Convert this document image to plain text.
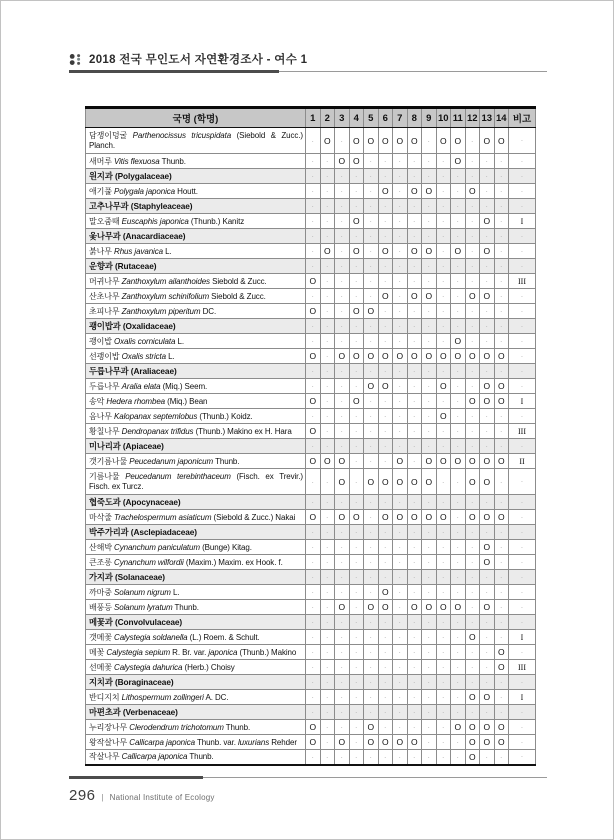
2018 전국 무인도서 자연환경조사 - 여수 1
국명 (학명)	1	2	3	4	5	6	7	8	9	10	11	12	13	14	비고
담쟁이덩굴 Parthenocissus tricuspidata (Siebold & Zucc.) Planch.	·	O	·	O	O	O	O	O	·	O	O	·	O	O	·
새머루 Vitis flexuosa Thunb.	·	·	O	O	·	·	·	·	·	·	O	·	·	·	·
원지과 (Polygalaceae)	·	·	·	·	·	·	·	·	·	·	·	·	·	·	·
애기풀 Polygala japonica Houtt.	·	·	·	·	·	O	·	O	O	·	·	O	·	·	·
고추나무과 (Staphyleaceae)	·	·	·	·	·	·	·	·	·	·	·	·	·	·	·
말오줌때 Euscaphis japonica (Thunb.) Kanitz	·	·	·	O	·	·	·	·	·	·	·	·	O	·	I
옻나무과 (Anacardiaceae)	·	·	·	·	·	·	·	·	·	·	·	·	·	·	·
붉나무 Rhus javanica L.	·	O	·	O	·	O	·	O	O	·	O	·	O	·	·
운향과 (Rutaceae)	·	·	·	·	·	·	·	·	·	·	·	·	·	·	·
머귀나무 Zanthoxylum ailanthoides Siebold & Zucc.	O	·	·	·	·	·	·	·	·	·	·	·	·	·	III
산초나무 Zanthoxylum schinifolium Siebold & Zucc.	·	·	·	·	·	O	·	O	O	·	·	O	O	·	·
초피나무 Zanthoxylum piperitum DC.	O	·	·	O	O	·	·	·	·	·	·	·	·	·	·
괭이밥과 (Oxalidaceae)	·	·	·	·	·	·	·	·	·	·	·	·	·	·	·
괭이밥 Oxalis corniculata L.	·	·	·	·	·	·	·	·	·	·	O	·	·	·	·
선괭이밥 Oxalis stricta L.	O	·	O	O	O	O	O	O	O	O	O	O	O	O	·
두릅나무과 (Araliaceae)	·	·	·	·	·	·	·	·	·	·	·	·	·	·	·
두릅나무 Aralia elata (Miq.) Seem.	·	·	·	·	O	O	·	·	·	O	·	·	O	O	·
송악 Hedera rhombea (Miq.) Bean	O	·	·	O	·	·	·	·	·	·	·	O	O	O	I
음나무 Kalopanax septemlobus (Thunb.) Koidz.	·	·	·	·	·	·	·	·	·	O	·	·	·	·	·
황칠나무 Dendropanax trifidus (Thunb.) Makino ex H. Hara	O	·	·	·	·	·	·	·	·	·	·	·	·	·	III
미나리과 (Apiaceae)	·	·	·	·	·	·	·	·	·	·	·	·	·	·	·
갯기름나물 Peucedanum japonicum Thunb.	O	O	O	·	·	·	O	·	O	O	O	O	O	O	II
기름나물 Peucedanum terebinthaceum (Fisch. ex Trevir.) Fisch. ex Turcz.	·	·	O	·	O	O	O	O	O	·	·	O	O	·	·
협죽도과 (Apocynaceae)	·	·	·	·	·	·	·	·	·	·	·	·	·	·	·
마삭줄 Trachelospermum asiaticum (Siebold & Zucc.) Nakai	O	·	O	O	·	O	O	O	O	O	·	O	O	O	·
박주가리과 (Asclepiadaceae)	·	·	·	·	·	·	·	·	·	·	·	·	·	·	·
산해박 Cynanchum paniculatum (Bunge) Kitag.	·	·	·	·	·	·	·	·	·	·	·	·	O	·	·
큰조롱 Cynanchum wilfordii (Maxim.) Maxim. ex Hook. f.	·	·	·	·	·	·	·	·	·	·	·	·	O	·	·
가지과 (Solanaceae)	·	·	·	·	·	·	·	·	·	·	·	·	·	·	·
까마중 Solanum nigrum L.	·	·	·	·	·	O	·	·	·	·	·	·	·	·	·
배풍등 Solanum lyratum Thunb.	·	·	O	·	O	O	·	O	O	O	O	·	O	·	·
메꽃과 (Convolvulaceae)	·	·	·	·	·	·	·	·	·	·	·	·	·	·	·
갯메꽃 Calystegia soldanella (L.) Roem. & Schult.	·	·	·	·	·	·	·	·	·	·	·	O	·	·	I
메꽃 Calystegia sepium R. Br. var. japonica (Thunb.) Makino	·	·	·	·	·	·	·	·	·	·	·	·	·	O	·
선메꽃 Calystegia dahurica (Herb.) Choisy	·	·	·	·	·	·	·	·	·	·	·	·	·	O	III
지치과 (Boraginaceae)	·	·	·	·	·	·	·	·	·	·	·	·	·	·	·
반디지치 Lithospermum zollingeri A. DC.	·	·	·	·	·	·	·	·	·	·	·	O	O	·	I
마편초과 (Verbenaceae)	·	·	·	·	·	·	·	·	·	·	·	·	·	·	·
누리장나무 Clerodendrum trichotomum Thunb.	O	·	·	·	O	·	·	·	·	·	O	O	O	O	·
왕작살나무 Callicarpa japonica Thunb. var. luxurians Rehder	O	·	O	·	O	O	O	O	·	·	·	O	O	O	·
작살나무 Callicarpa japonica Thunb.	·	·	·	·	·	·	·	·	·	·	·	O	·	·	·
296 | National Institute of Ecology
